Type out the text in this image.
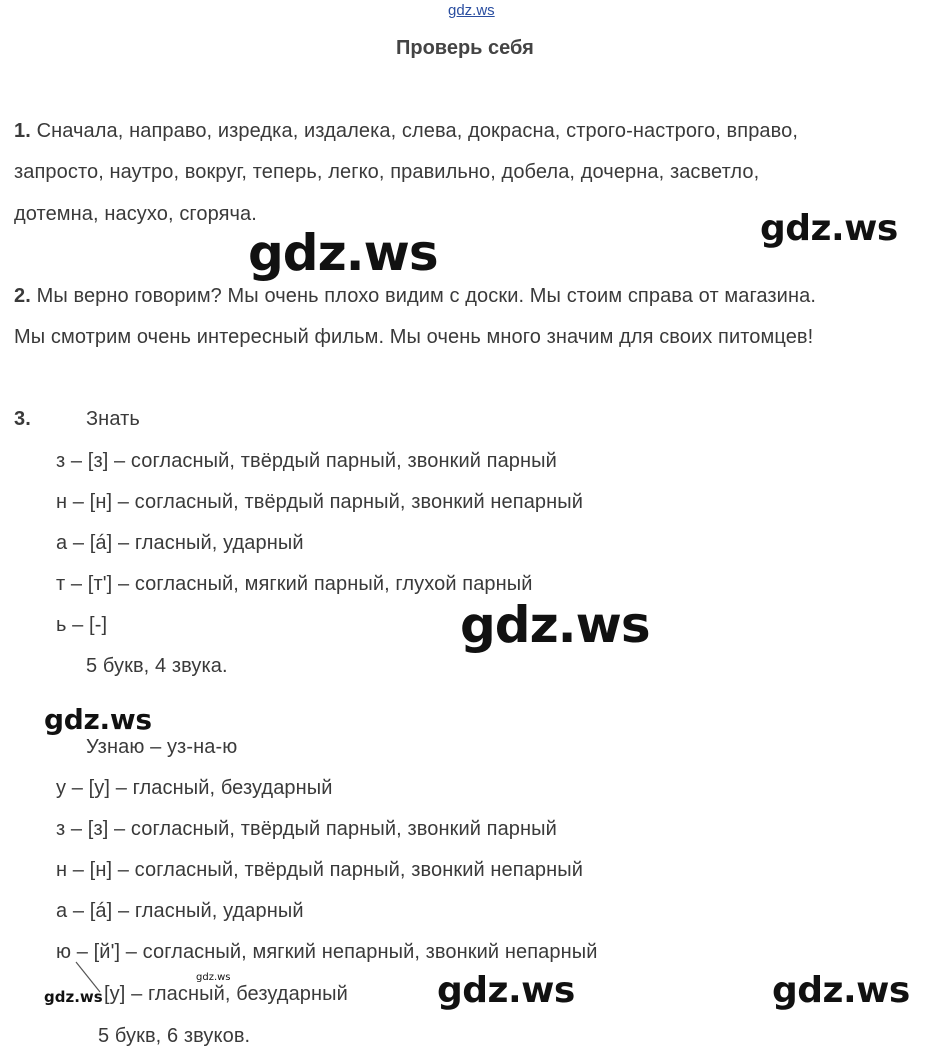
gdz.ws
Проверь себя
1. Сначала, направо, изредка, издалека, слева, докрасна, строго-настрого, вправо,
запросто, наутро, вокруг, теперь, легко, правильно, добела, дочерна, засветло,
дотемна, насухо, сгоряча.
2. Мы верно говорим? Мы очень плохо видим с доски. Мы стоим справа от магазина.
Мы смотрим очень интересный фильм. Мы очень много значим для своих питомцев!
3.	Знать
з – [з] – согласный, твёрдый парный, звонкий парный
н – [н] – согласный, твёрдый парный, звонкий непарный
а – [á] – гласный, ударный
т – [т'] – согласный, мягкий парный, глухой парный
ь – [-]
5 букв, 4 звука.
Узнаю – уз-на-ю
у – [у] – гласный, безударный
з – [з] – согласный, твёрдый парный, звонкий парный
н – [н] – согласный, твёрдый парный, звонкий непарный
а – [á] – гласный, ударный
ю – [й'] – согласный, мягкий непарный, звонкий непарный
[у] – гласный, безударный
5 букв, 6 звуков.
gdz.ws
gdz.ws
gdz.ws
gdz.ws
gdz.ws
gdz.ws	gdz.ws	gdz.ws
